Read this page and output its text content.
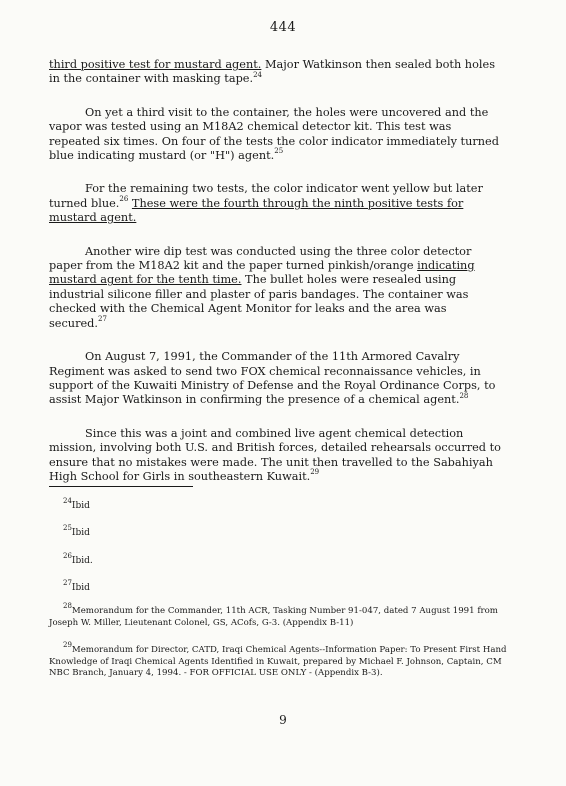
444

third positive test for mustard agent. Major Watkinson then sealed both holes in the container with masking tape.$^{24}$

On yet a third visit to the container, the holes were uncovered and the vapor was tested using an M18A2 chemical detector kit. This test was repeated six times. On four of the tests the color indicator immediately turned blue indicating mustard (or "H") agent.$^{25}$

For the remaining two tests, the color indicator went yellow but later turned blue.$^{26}$ These were the fourth through the ninth positive tests for mustard agent.

Another wire dip test was conducted using the three color detector paper from the M18A2 kit and the paper turned pinkish/orange indicating mustard agent for the tenth time. The bullet holes were resealed using industrial silicone filler and plaster of paris bandages. The container was checked with the Chemical Agent Monitor for leaks and the area was secured.$^{27}$

On August 7, 1991, the Commander of the 11th Armored Cavalry Regiment was asked to send two FOX chemical reconnaissance vehicles, in support of the Kuwaiti Ministry of Defense and the Royal Ordinance Corps, to assist Major Watkinson in confirming the presence of a chemical agent.$^{28}$

Since this was a joint and combined live agent chemical detection mission, involving both U.S. and British forces, detailed rehearsals occurred to ensure that no mistakes were made. The unit then travelled to the Sabahiyah High School for Girls in southeastern Kuwait.$^{29}$

$^{24}$Ibid
$^{25}$Ibid
$^{26}$Ibid.
$^{27}$Ibid
$^{28}$Memorandum for the Commander, 11th ACR, Tasking Number 91-047, dated 7 August 1991 from Joseph W. Miller, Lieutenant Colonel, GS, ACofs, G-3. (Appendix B-11)
$^{29}$Memorandum for Director, CATD, Iraqi Chemical Agents--Information Paper: To Present First Hand Knowledge of Iraqi Chemical Agents Identified in Kuwait, prepared by Michael F. Johnson, Captain, CM NBC Branch, January 4, 1994. - FOR OFFICIAL USE ONLY - (Appendix B-3).
9
